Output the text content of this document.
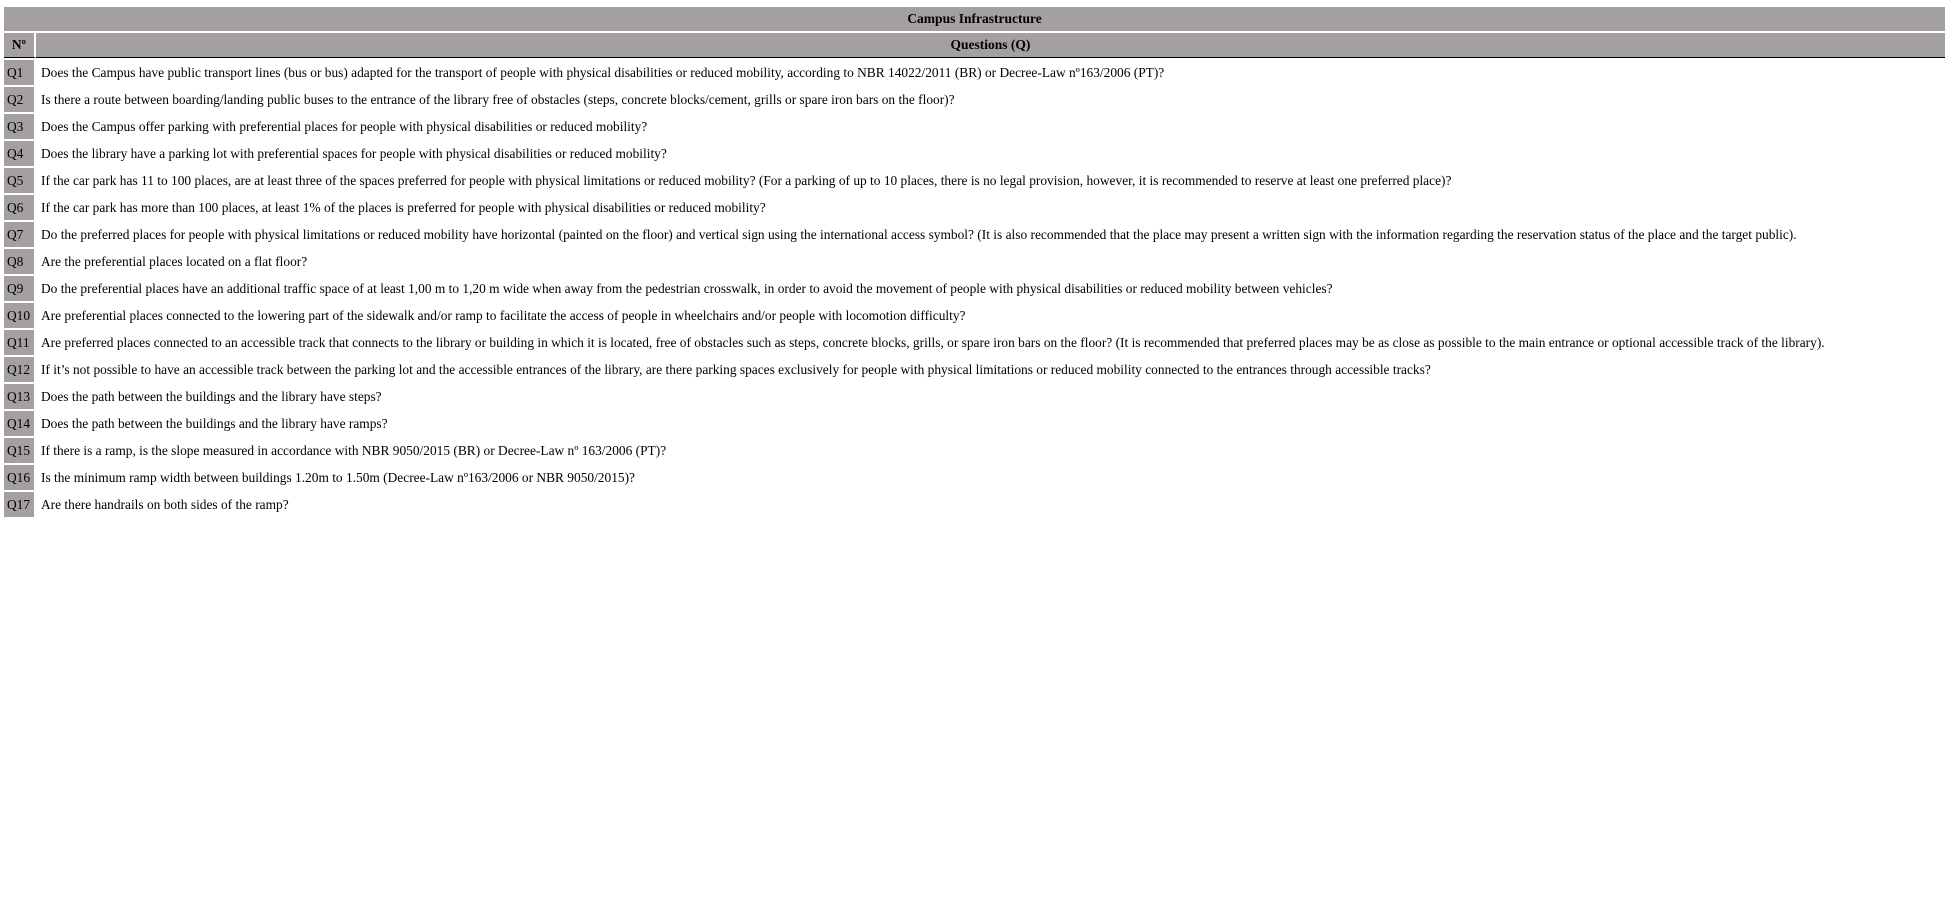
Campus Infrastructure	
Nº	Questions (Q)
Q1	Does the Campus have public transport lines (bus or bus) adapted for the transport of people with physical disabilities or reduced mobility, according to NBR 14022/2011 (BR) or Decree-Law nº163/2006 (PT)?
Q2	Is there a route between boarding/landing public buses to the entrance of the library free of obstacles (steps, concrete blocks/cement, grills or spare iron bars on the floor)?
Q3	Does the Campus offer parking with preferential places for people with physical disabilities or reduced mobility?
Q4	Does the library have a parking lot with preferential spaces for people with physical disabilities or reduced mobility?
Q5	If the car park has 11 to 100 places, are at least three of the spaces preferred for people with physical limitations or reduced mobility? (For a parking of up to 10 places, there is no legal provision, however, it is recommended to reserve at least one preferred place)?
Q6	If the car park has more than 100 places, at least 1% of the places is preferred for people with physical disabilities or reduced mobility?
Q7	Do the preferred places for people with physical limitations or reduced mobility have horizontal (painted on the floor) and vertical sign using the international access symbol? (It is also recommended that the place may present a written sign with the information regarding the reservation status of the place and the target public).
Q8	Are the preferential places located on a flat floor?
Q9	Do the preferential places have an additional traffic space of at least 1,00 m to 1,20 m wide when away from the pedestrian crosswalk, in order to avoid the movement of people with physical disabilities or reduced mobility between vehicles?
Q10	Are preferential places connected to the lowering part of the sidewalk and/or ramp to facilitate the access of people in wheelchairs and/or people with locomotion difficulty?
Q11	Are preferred places connected to an accessible track that connects to the library or building in which it is located, free of obstacles such as steps, concrete blocks, grills, or spare iron bars on the floor? (It is recommended that preferred places may be as close as possible to the main entrance or optional accessible track of the library).
Q12	If it’s not possible to have an accessible track between the parking lot and the accessible entrances of the library, are there parking spaces exclusively for people with physical limitations or reduced mobility connected to the entrances through accessible tracks?
Q13	Does the path between the buildings and the library have steps?
Q14	Does the path between the buildings and the library have ramps?
Q15	If there is a ramp, is the slope measured in accordance with NBR 9050/2015 (BR) or Decree-Law nº 163/2006 (PT)?
Q16	Is the minimum ramp width between buildings 1.20m to 1.50m (Decree-Law nº163/2006 or NBR 9050/2015)?
Q17	Are there handrails on both sides of the ramp?
